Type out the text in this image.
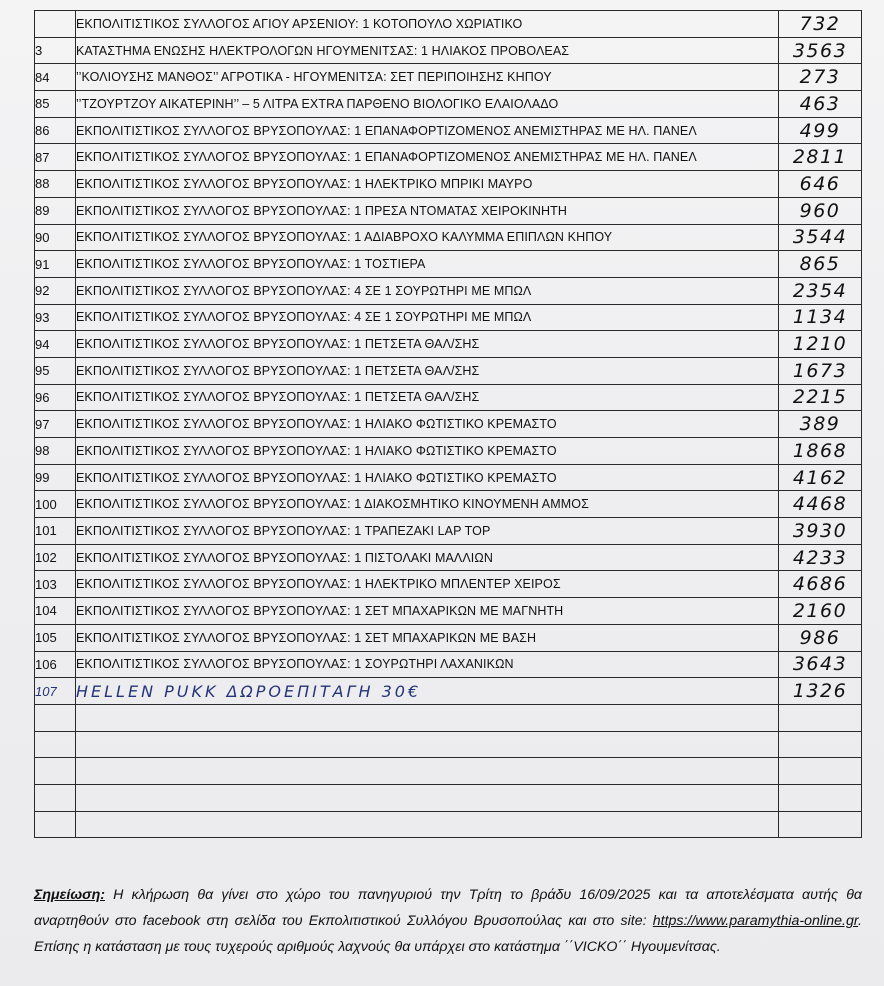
	ΕΚΠΟΛΙΤΙΣΤΙΚΟΣ ΣΥΛΛΟΓΟΣ ΑΓΙΟΥ ΑΡΣΕΝΙΟΥ: 1 ΚΟΤΟΠΟΥΛΟ ΧΩΡΙΑΤΙΚΟ	732
3	ΚΑΤΑΣΤΗΜΑ ΕΝΩΣΗΣ ΗΛΕΚΤΡΟΛΟΓΩΝ ΗΓΟΥΜΕΝΙΤΣΑΣ: 1 ΗΛΙΑΚΟΣ ΠΡΟΒΟΛΕΑΣ	3563
84	’’ΚΟΛΙΟΥΣΗΣ ΜΑΝΘΟΣ’’ ΑΓΡΟΤΙΚΑ - ΗΓΟΥΜΕΝΙΤΣΑ: ΣΕΤ ΠΕΡΙΠΟΙΗΣΗΣ ΚΗΠΟΥ	273
85	’’ΤΖΟΥΡΤΖΟΥ ΑΙΚΑΤΕΡΙΝΗ’’ – 5 ΛΙΤΡΑ EXTRA ΠΑΡΘΕΝΟ ΒΙΟΛΟΓΙΚΟ ΕΛΑΙΟΛΑΔΟ	463
86	ΕΚΠΟΛΙΤΙΣΤΙΚΟΣ ΣΥΛΛΟΓΟΣ ΒΡΥΣΟΠΟΥΛΑΣ: 1 ΕΠΑΝΑΦΟΡΤΙΖΟΜΕΝΟΣ ΑΝΕΜΙΣΤΗΡΑΣ ΜΕ ΗΛ. ΠΑΝΕΛ	499
87	ΕΚΠΟΛΙΤΙΣΤΙΚΟΣ ΣΥΛΛΟΓΟΣ ΒΡΥΣΟΠΟΥΛΑΣ: 1 ΕΠΑΝΑΦΟΡΤΙΖΟΜΕΝΟΣ ΑΝΕΜΙΣΤΗΡΑΣ ΜΕ ΗΛ. ΠΑΝΕΛ	2811
88	ΕΚΠΟΛΙΤΙΣΤΙΚΟΣ ΣΥΛΛΟΓΟΣ ΒΡΥΣΟΠΟΥΛΑΣ: 1 ΗΛΕΚΤΡΙΚΟ ΜΠΡΙΚΙ ΜΑΥΡΟ	646
89	ΕΚΠΟΛΙΤΙΣΤΙΚΟΣ ΣΥΛΛΟΓΟΣ ΒΡΥΣΟΠΟΥΛΑΣ: 1 ΠΡΕΣΑ ΝΤΟΜΑΤΑΣ ΧΕΙΡΟΚΙΝΗΤΗ	960
90	ΕΚΠΟΛΙΤΙΣΤΙΚΟΣ ΣΥΛΛΟΓΟΣ ΒΡΥΣΟΠΟΥΛΑΣ: 1 ΑΔΙΑΒΡΟΧΟ ΚΑΛΥΜΜΑ ΕΠΙΠΛΩΝ ΚΗΠΟΥ	3544
91	ΕΚΠΟΛΙΤΙΣΤΙΚΟΣ ΣΥΛΛΟΓΟΣ ΒΡΥΣΟΠΟΥΛΑΣ: 1 ΤΟΣΤΙΕΡΑ	865
92	ΕΚΠΟΛΙΤΙΣΤΙΚΟΣ ΣΥΛΛΟΓΟΣ ΒΡΥΣΟΠΟΥΛΑΣ: 4 ΣΕ 1 ΣΟΥΡΩΤΗΡΙ ΜΕ ΜΠΩΛ	2354
93	ΕΚΠΟΛΙΤΙΣΤΙΚΟΣ ΣΥΛΛΟΓΟΣ ΒΡΥΣΟΠΟΥΛΑΣ: 4 ΣΕ 1 ΣΟΥΡΩΤΗΡΙ ΜΕ ΜΠΩΛ	1134
94	ΕΚΠΟΛΙΤΙΣΤΙΚΟΣ ΣΥΛΛΟΓΟΣ ΒΡΥΣΟΠΟΥΛΑΣ: 1 ΠΕΤΣΕΤΑ ΘΑΛ/ΣΗΣ	1210
95	ΕΚΠΟΛΙΤΙΣΤΙΚΟΣ ΣΥΛΛΟΓΟΣ ΒΡΥΣΟΠΟΥΛΑΣ: 1 ΠΕΤΣΕΤΑ ΘΑΛ/ΣΗΣ	1673
96	ΕΚΠΟΛΙΤΙΣΤΙΚΟΣ ΣΥΛΛΟΓΟΣ ΒΡΥΣΟΠΟΥΛΑΣ: 1 ΠΕΤΣΕΤΑ ΘΑΛ/ΣΗΣ	2215
97	ΕΚΠΟΛΙΤΙΣΤΙΚΟΣ ΣΥΛΛΟΓΟΣ ΒΡΥΣΟΠΟΥΛΑΣ: 1 ΗΛΙΑΚΟ ΦΩΤΙΣΤΙΚΟ ΚΡΕΜΑΣΤΟ	389
98	ΕΚΠΟΛΙΤΙΣΤΙΚΟΣ ΣΥΛΛΟΓΟΣ ΒΡΥΣΟΠΟΥΛΑΣ: 1 ΗΛΙΑΚΟ ΦΩΤΙΣΤΙΚΟ ΚΡΕΜΑΣΤΟ	1868
99	ΕΚΠΟΛΙΤΙΣΤΙΚΟΣ ΣΥΛΛΟΓΟΣ ΒΡΥΣΟΠΟΥΛΑΣ: 1 ΗΛΙΑΚΟ ΦΩΤΙΣΤΙΚΟ ΚΡΕΜΑΣΤΟ	4162
100	ΕΚΠΟΛΙΤΙΣΤΙΚΟΣ ΣΥΛΛΟΓΟΣ ΒΡΥΣΟΠΟΥΛΑΣ: 1 ΔΙΑΚΟΣΜΗΤΙΚΟ ΚΙΝΟΥΜΕΝΗ ΑΜΜΟΣ	4468
101	ΕΚΠΟΛΙΤΙΣΤΙΚΟΣ ΣΥΛΛΟΓΟΣ ΒΡΥΣΟΠΟΥΛΑΣ: 1 ΤΡΑΠΕΖΑΚΙ LAP TOP	3930
102	ΕΚΠΟΛΙΤΙΣΤΙΚΟΣ ΣΥΛΛΟΓΟΣ ΒΡΥΣΟΠΟΥΛΑΣ: 1 ΠΙΣΤΟΛΑΚΙ ΜΑΛΛΙΩΝ	4233
103	ΕΚΠΟΛΙΤΙΣΤΙΚΟΣ ΣΥΛΛΟΓΟΣ ΒΡΥΣΟΠΟΥΛΑΣ: 1 ΗΛΕΚΤΡΙΚΟ ΜΠΛΕΝΤΕΡ ΧΕΙΡΟΣ	4686
104	ΕΚΠΟΛΙΤΙΣΤΙΚΟΣ ΣΥΛΛΟΓΟΣ ΒΡΥΣΟΠΟΥΛΑΣ: 1 ΣΕΤ ΜΠΑΧΑΡΙΚΩΝ ΜΕ ΜΑΓΝΗΤΗ	2160
105	ΕΚΠΟΛΙΤΙΣΤΙΚΟΣ ΣΥΛΛΟΓΟΣ ΒΡΥΣΟΠΟΥΛΑΣ: 1 ΣΕΤ ΜΠΑΧΑΡΙΚΩΝ ΜΕ ΒΑΣΗ	986
106	ΕΚΠΟΛΙΤΙΣΤΙΚΟΣ ΣΥΛΛΟΓΟΣ ΒΡΥΣΟΠΟΥΛΑΣ: 1 ΣΟΥΡΩΤΗΡΙ ΛΑΧΑΝΙΚΩΝ	3643
107	HELLEN PUKK ΔΩΡΟΕΠΙΤΑΓΗ 30€	1326

Σημείωση: Η κλήρωση θα γίνει στο χώρο του πανηγυριού την Τρίτη το βράδυ 16/09/2025 και τα αποτελέσματα αυτής θα αναρτηθούν στο facebook στη σελίδα του Εκπολιτιστικού Συλλόγου Βρυσοπούλας και στο site: https://www.paramythia-online.gr. Επίσης η κατάσταση με τους τυχερούς αριθμούς λαχνούς θα υπάρχει στο κατάστημα ΄΄VICKO΄΄ Ηγουμενίτσας.
